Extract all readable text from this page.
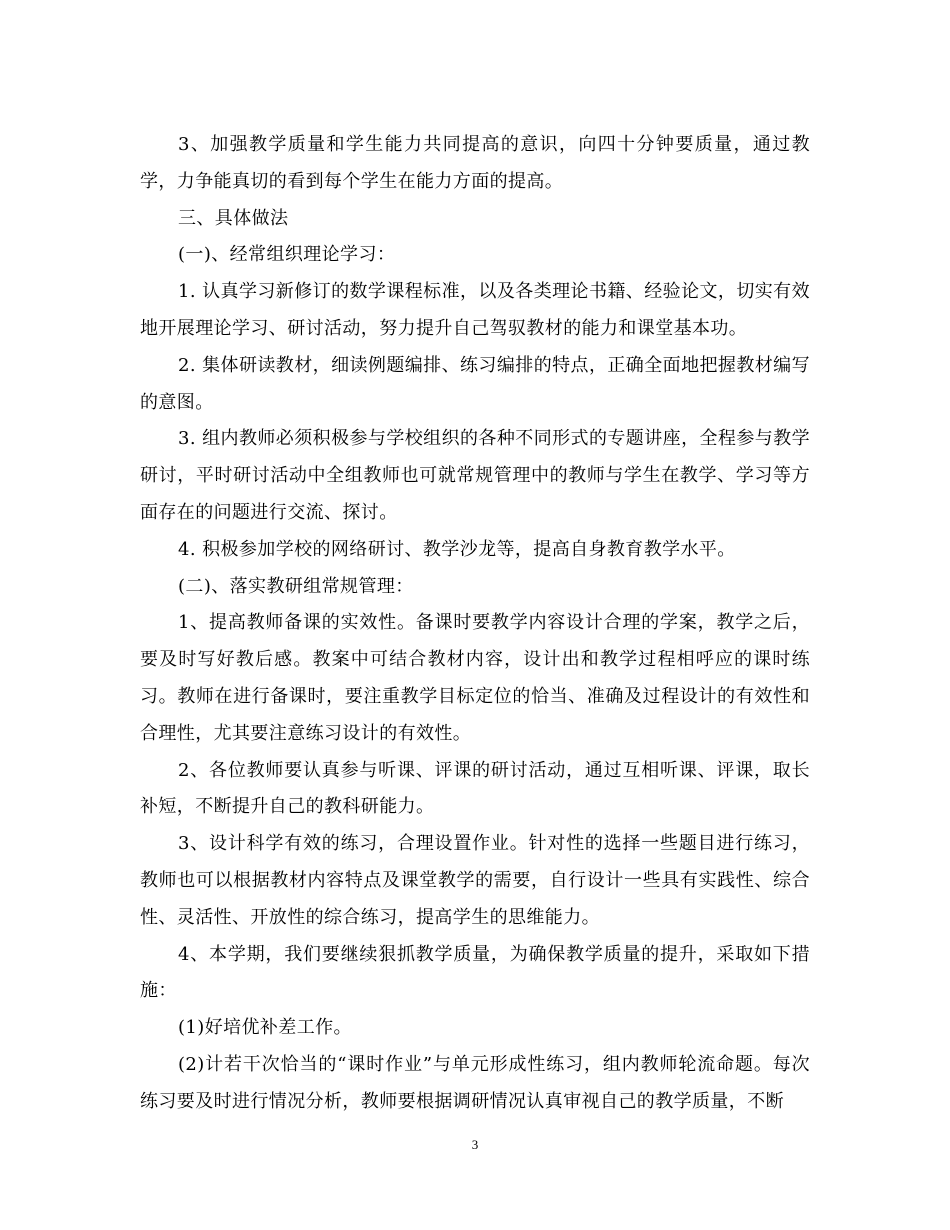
3、加强教学质量和学生能力共同提高的意识，向四十分钟要质量，通过教学，力争能真切的看到每个学生在能力方面的提高。

三、具体做法

(一)、经常组织理论学习：

1. 认真学习新修订的数学课程标准，以及各类理论书籍、经验论文，切实有效地开展理论学习、研讨活动，努力提升自己驾驭教材的能力和课堂基本功。

2. 集体研读教材，细读例题编排、练习编排的特点，正确全面地把握教材编写的意图。

3. 组内教师必须积极参与学校组织的各种不同形式的专题讲座，全程参与教学研讨，平时研讨活动中全组教师也可就常规管理中的教师与学生在教学、学习等方面存在的问题进行交流、探讨。

4. 积极参加学校的网络研讨、教学沙龙等，提高自身教育教学水平。

(二)、落实教研组常规管理：

1、提高教师备课的实效性。备课时要教学内容设计合理的学案，教学之后，要及时写好教后感。教案中可结合教材内容，设计出和教学过程相呼应的课时练习。教师在进行备课时，要注重教学目标定位的恰当、准确及过程设计的有效性和合理性，尤其要注意练习设计的有效性。

2、各位教师要认真参与听课、评课的研讨活动，通过互相听课、评课，取长补短，不断提升自己的教科研能力。

3、设计科学有效的练习，合理设置作业。针对性的选择一些题目进行练习，教师也可以根据教材内容特点及课堂教学的需要，自行设计一些具有实践性、综合性、灵活性、开放性的综合练习，提高学生的思维能力。

4、本学期，我们要继续狠抓教学质量，为确保教学质量的提升，采取如下措施：

(1)好培优补差工作。

(2)计若干次恰当的“课时作业”与单元形成性练习，组内教师轮流命题。每次练习要及时进行情况分析，教师要根据调研情况认真审视自己的教学质量，不断

3
